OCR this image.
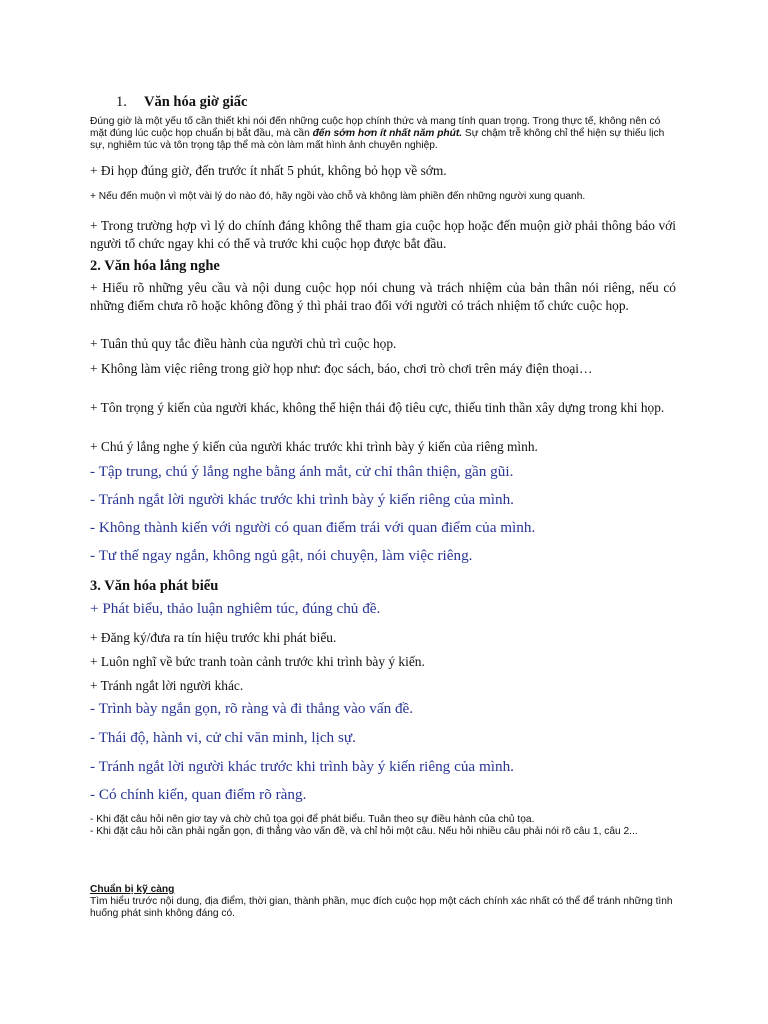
1. Văn hóa giờ giấc

Đúng giờ là một yếu tố cần thiết khi nói đến những cuộc họp chính thức và mang tính quan trọng. Trong thực tế, không nên có mặt đúng lúc cuộc họp chuẩn bị bắt đầu, mà cần đến sớm hơn ít nhất năm phút. Sự chậm trễ không chỉ thể hiện sự thiếu lịch sự, nghiêm túc và tôn trọng tập thể mà còn làm mất hình ảnh chuyên nghiệp.

+ Đi họp đúng giờ, đến trước ít nhất 5 phút, không bỏ họp về sớm.

+ Nếu đến muộn vì một vài lý do nào đó, hãy ngồi vào chỗ và không làm phiền đến những người xung quanh.

+ Trong trường hợp vì lý do chính đáng không thể tham gia cuộc họp hoặc đến muộn giờ phải thông báo với người tổ chức ngay khi có thể và trước khi cuộc họp được bắt đầu.

2. Văn hóa lắng nghe

+ Hiểu rõ những yêu cầu và nội dung cuộc họp nói chung và trách nhiệm của bản thân nói riêng, nếu có những điểm chưa rõ hoặc không đồng ý thì phải trao đổi với người có trách nhiệm tổ chức cuộc họp.

+ Tuân thủ quy tắc điều hành của người chủ trì cuộc họp.

+ Không làm việc riêng trong giờ họp như: đọc sách, báo, chơi trò chơi trên máy điện thoại…

+ Tôn trọng ý kiến của người khác, không thể hiện thái độ tiêu cực, thiếu tinh thần xây dựng trong khi họp.

+ Chú ý lắng nghe ý kiến của người khác trước khi trình bày ý kiến của riêng mình.

- Tập trung, chú ý lắng nghe bằng ánh mắt, cử chỉ thân thiện, gần gũi.

- Tránh ngắt lời người khác trước khi trình bày ý kiến riêng của mình.

- Không thành kiến với người có quan điểm trái với quan điểm của mình.

- Tư thế ngay ngắn, không ngủ gật, nói chuyện, làm việc riêng.

3. Văn hóa phát biểu

+ Phát biểu, thảo luận nghiêm túc, đúng chủ đề.

+ Đăng ký/đưa ra tín hiệu trước khi phát biểu.

+ Luôn nghĩ về bức tranh toàn cảnh trước khi trình bày ý kiến.

+ Tránh ngắt lời người khác.

- Trình bày ngắn gọn, rõ ràng và đi thẳng vào vấn đề.

- Thái độ, hành vi, cử chỉ văn minh, lịch sự.

- Tránh ngắt lời người khác trước khi trình bày ý kiến riêng của mình.

- Có chính kiến, quan điểm rõ ràng.

- Khi đặt câu hỏi nên giơ tay và chờ chủ tọa gọi để phát biểu. Tuân theo sự điều hành của chủ tọa.

- Khi đặt câu hỏi cần phải ngắn gọn, đi thẳng vào vấn đề, và chỉ hỏi một câu. Nếu hỏi nhiều câu phải nói rõ câu 1, câu 2...

Chuẩn bị kỹ càng

Tìm hiểu trước nội dung, địa điểm, thời gian, thành phần, mục đích cuộc họp một cách chính xác nhất có thể để tránh những tình huống phát sinh không đáng có.
